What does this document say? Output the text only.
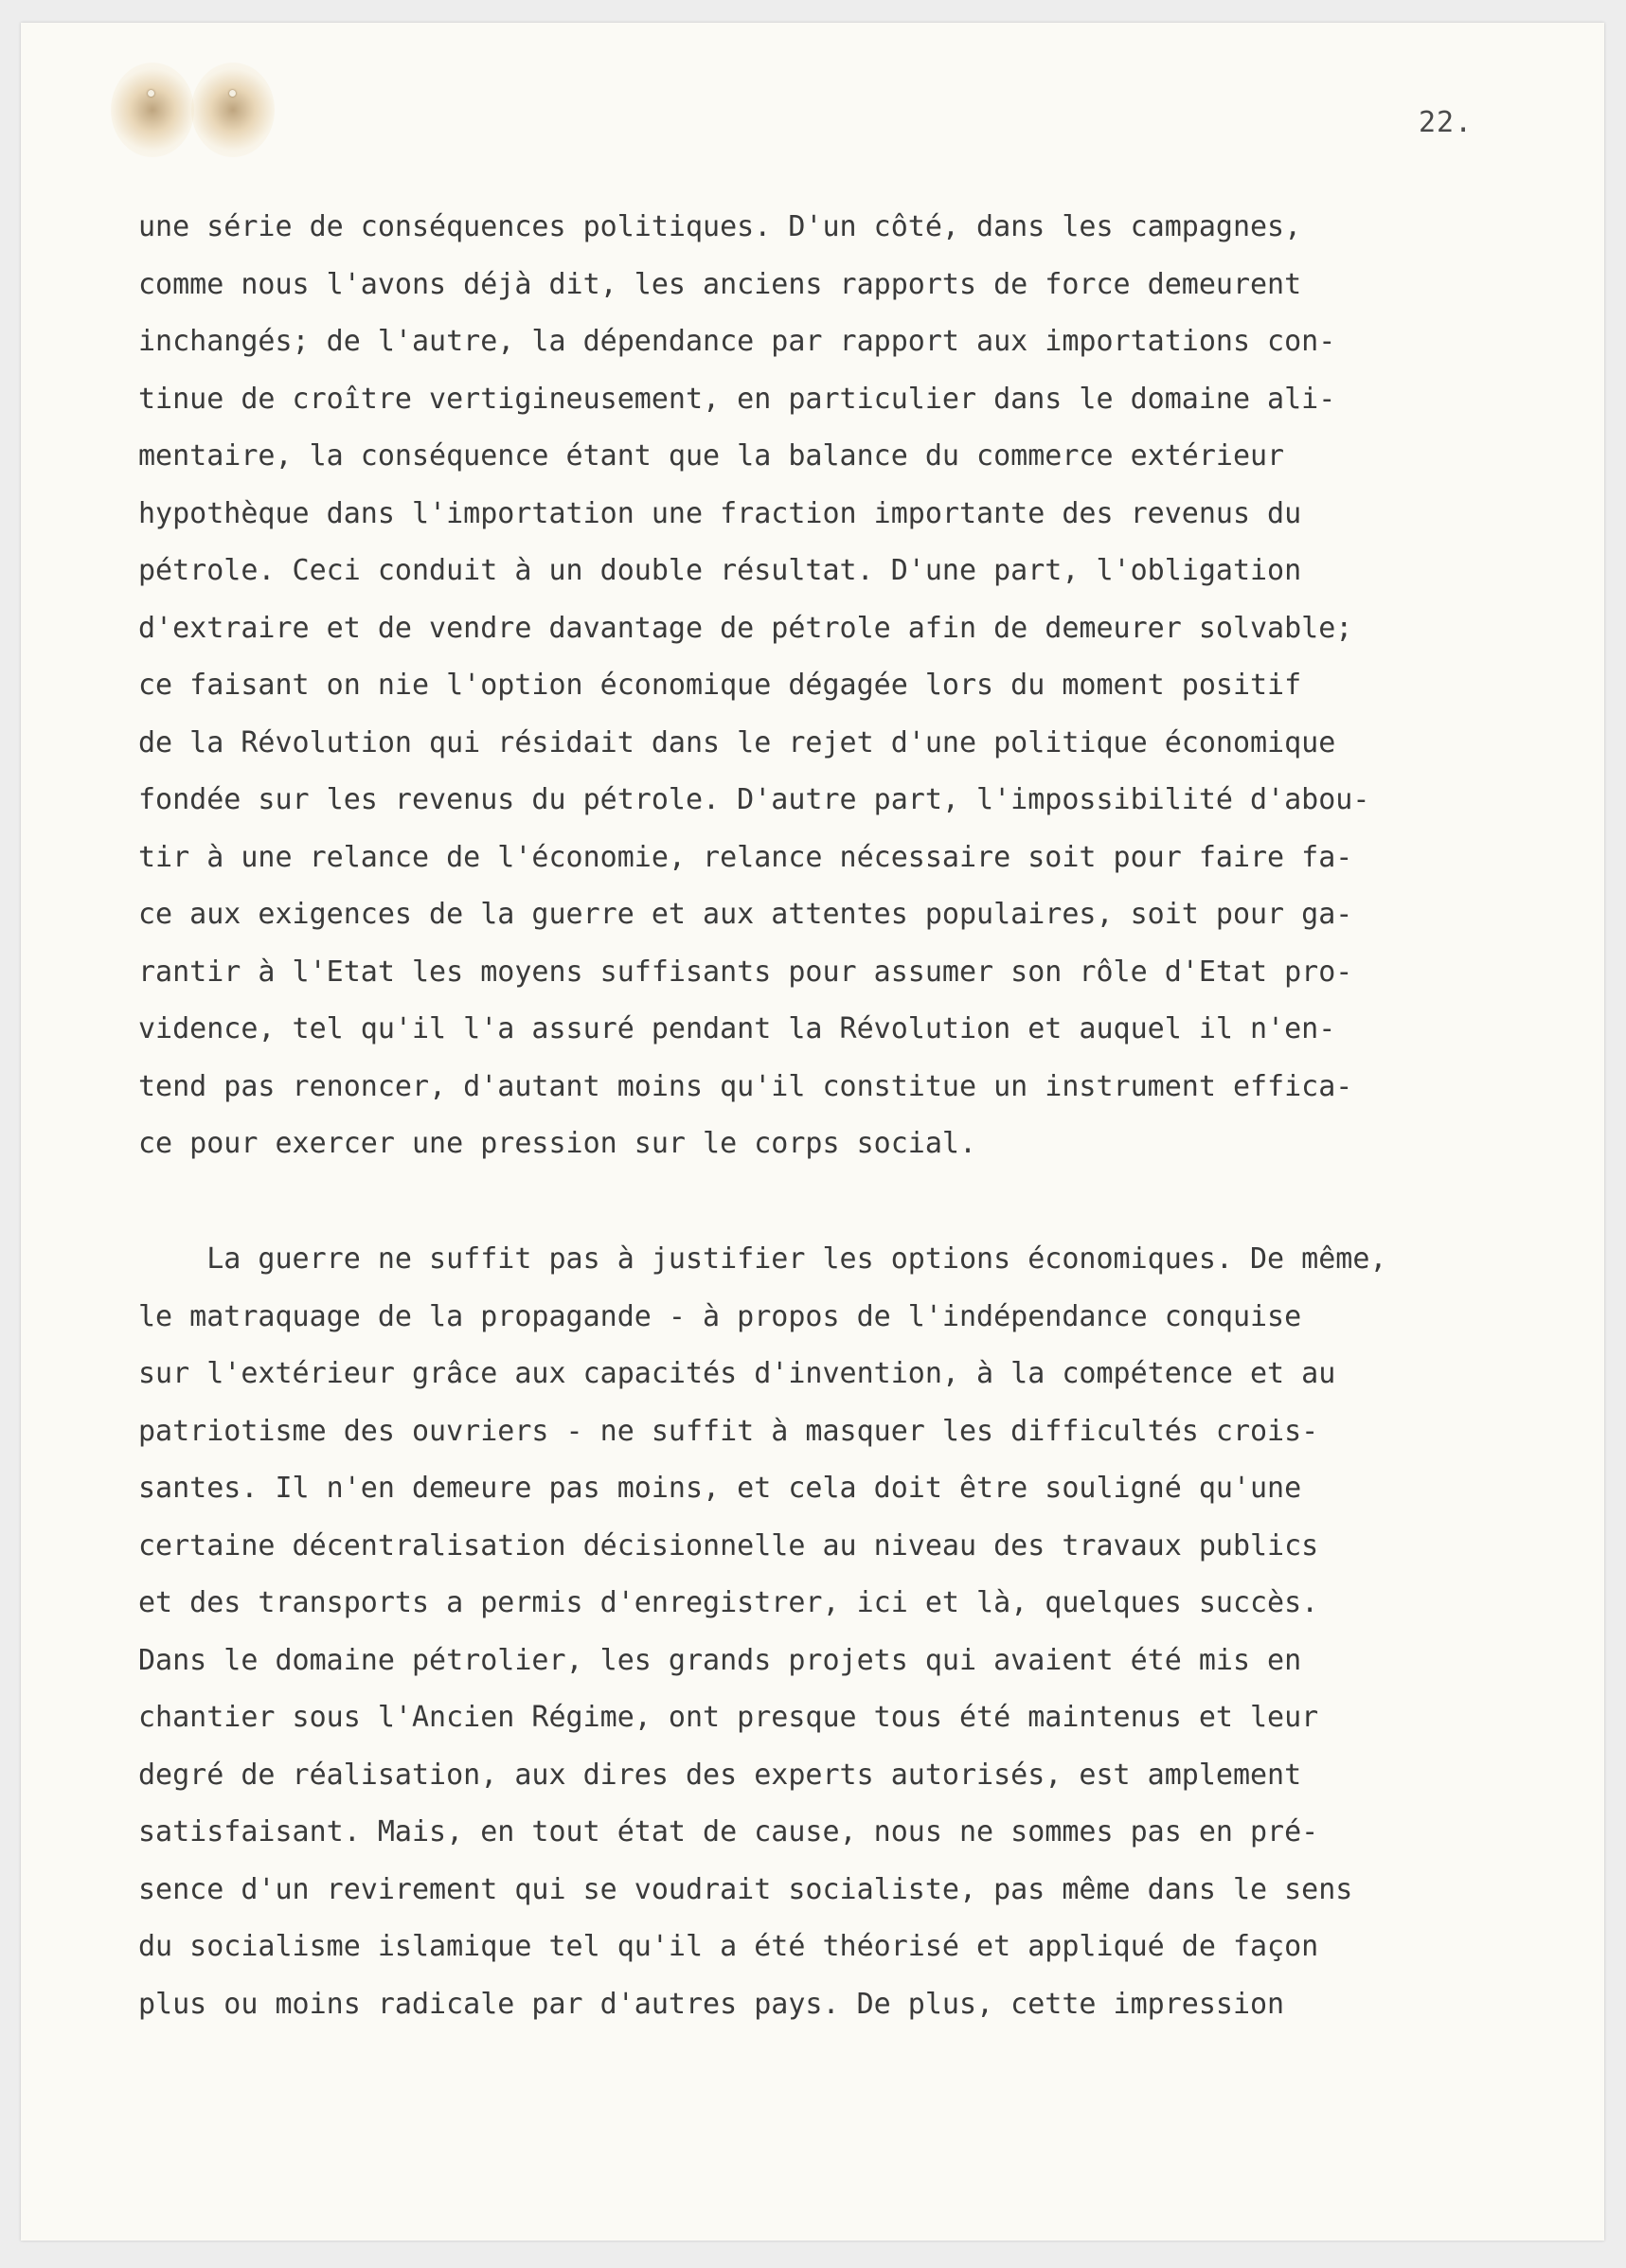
22.
une série de conséquences politiques. D'un côté, dans les campagnes,
comme nous l'avons déjà dit, les anciens rapports de force demeurent
inchangés; de l'autre, la dépendance par rapport aux importations con-
tinue de croître vertigineusement, en particulier dans le domaine ali-
mentaire, la conséquence étant que la balance du commerce extérieur
hypothèque dans l'importation une fraction importante des revenus du
pétrole. Ceci conduit à un double résultat. D'une part, l'obligation
d'extraire et de vendre davantage de pétrole afin de demeurer solvable;
ce faisant on nie l'option économique dégagée lors du moment positif
de la Révolution qui résidait dans le rejet d'une politique économique
fondée sur les revenus du pétrole. D'autre part, l'impossibilité d'abou-
tir à une relance de l'économie, relance nécessaire soit pour faire fa-
ce aux exigences de la guerre et aux attentes populaires, soit pour ga-
rantir à l'Etat les moyens suffisants pour assumer son rôle d'Etat pro-
vidence, tel qu'il l'a assuré pendant la Révolution et auquel il n'en-
tend pas renoncer, d'autant moins qu'il constitue un instrument effica-
ce pour exercer une pression sur le corps social.
La guerre ne suffit pas à justifier les options économiques. De même,
le matraquage de la propagande - à propos de l'indépendance conquise
sur l'extérieur grâce aux capacités d'invention, à la compétence et au
patriotisme des ouvriers - ne suffit à masquer les difficultés crois-
santes. Il n'en demeure pas moins, et cela doit être souligné qu'une
certaine décentralisation décisionnelle au niveau des travaux publics
et des transports a permis d'enregistrer, ici et là, quelques succès.
Dans le domaine pétrolier, les grands projets qui avaient été mis en
chantier sous l'Ancien Régime, ont presque tous été maintenus et leur
degré de réalisation, aux dires des experts autorisés, est amplement
satisfaisant. Mais, en tout état de cause, nous ne sommes pas en pré-
sence d'un revirement qui se voudrait socialiste, pas même dans le sens
du socialisme islamique tel qu'il a été théorisé et appliqué de façon
plus ou moins radicale par d'autres pays. De plus, cette impression
